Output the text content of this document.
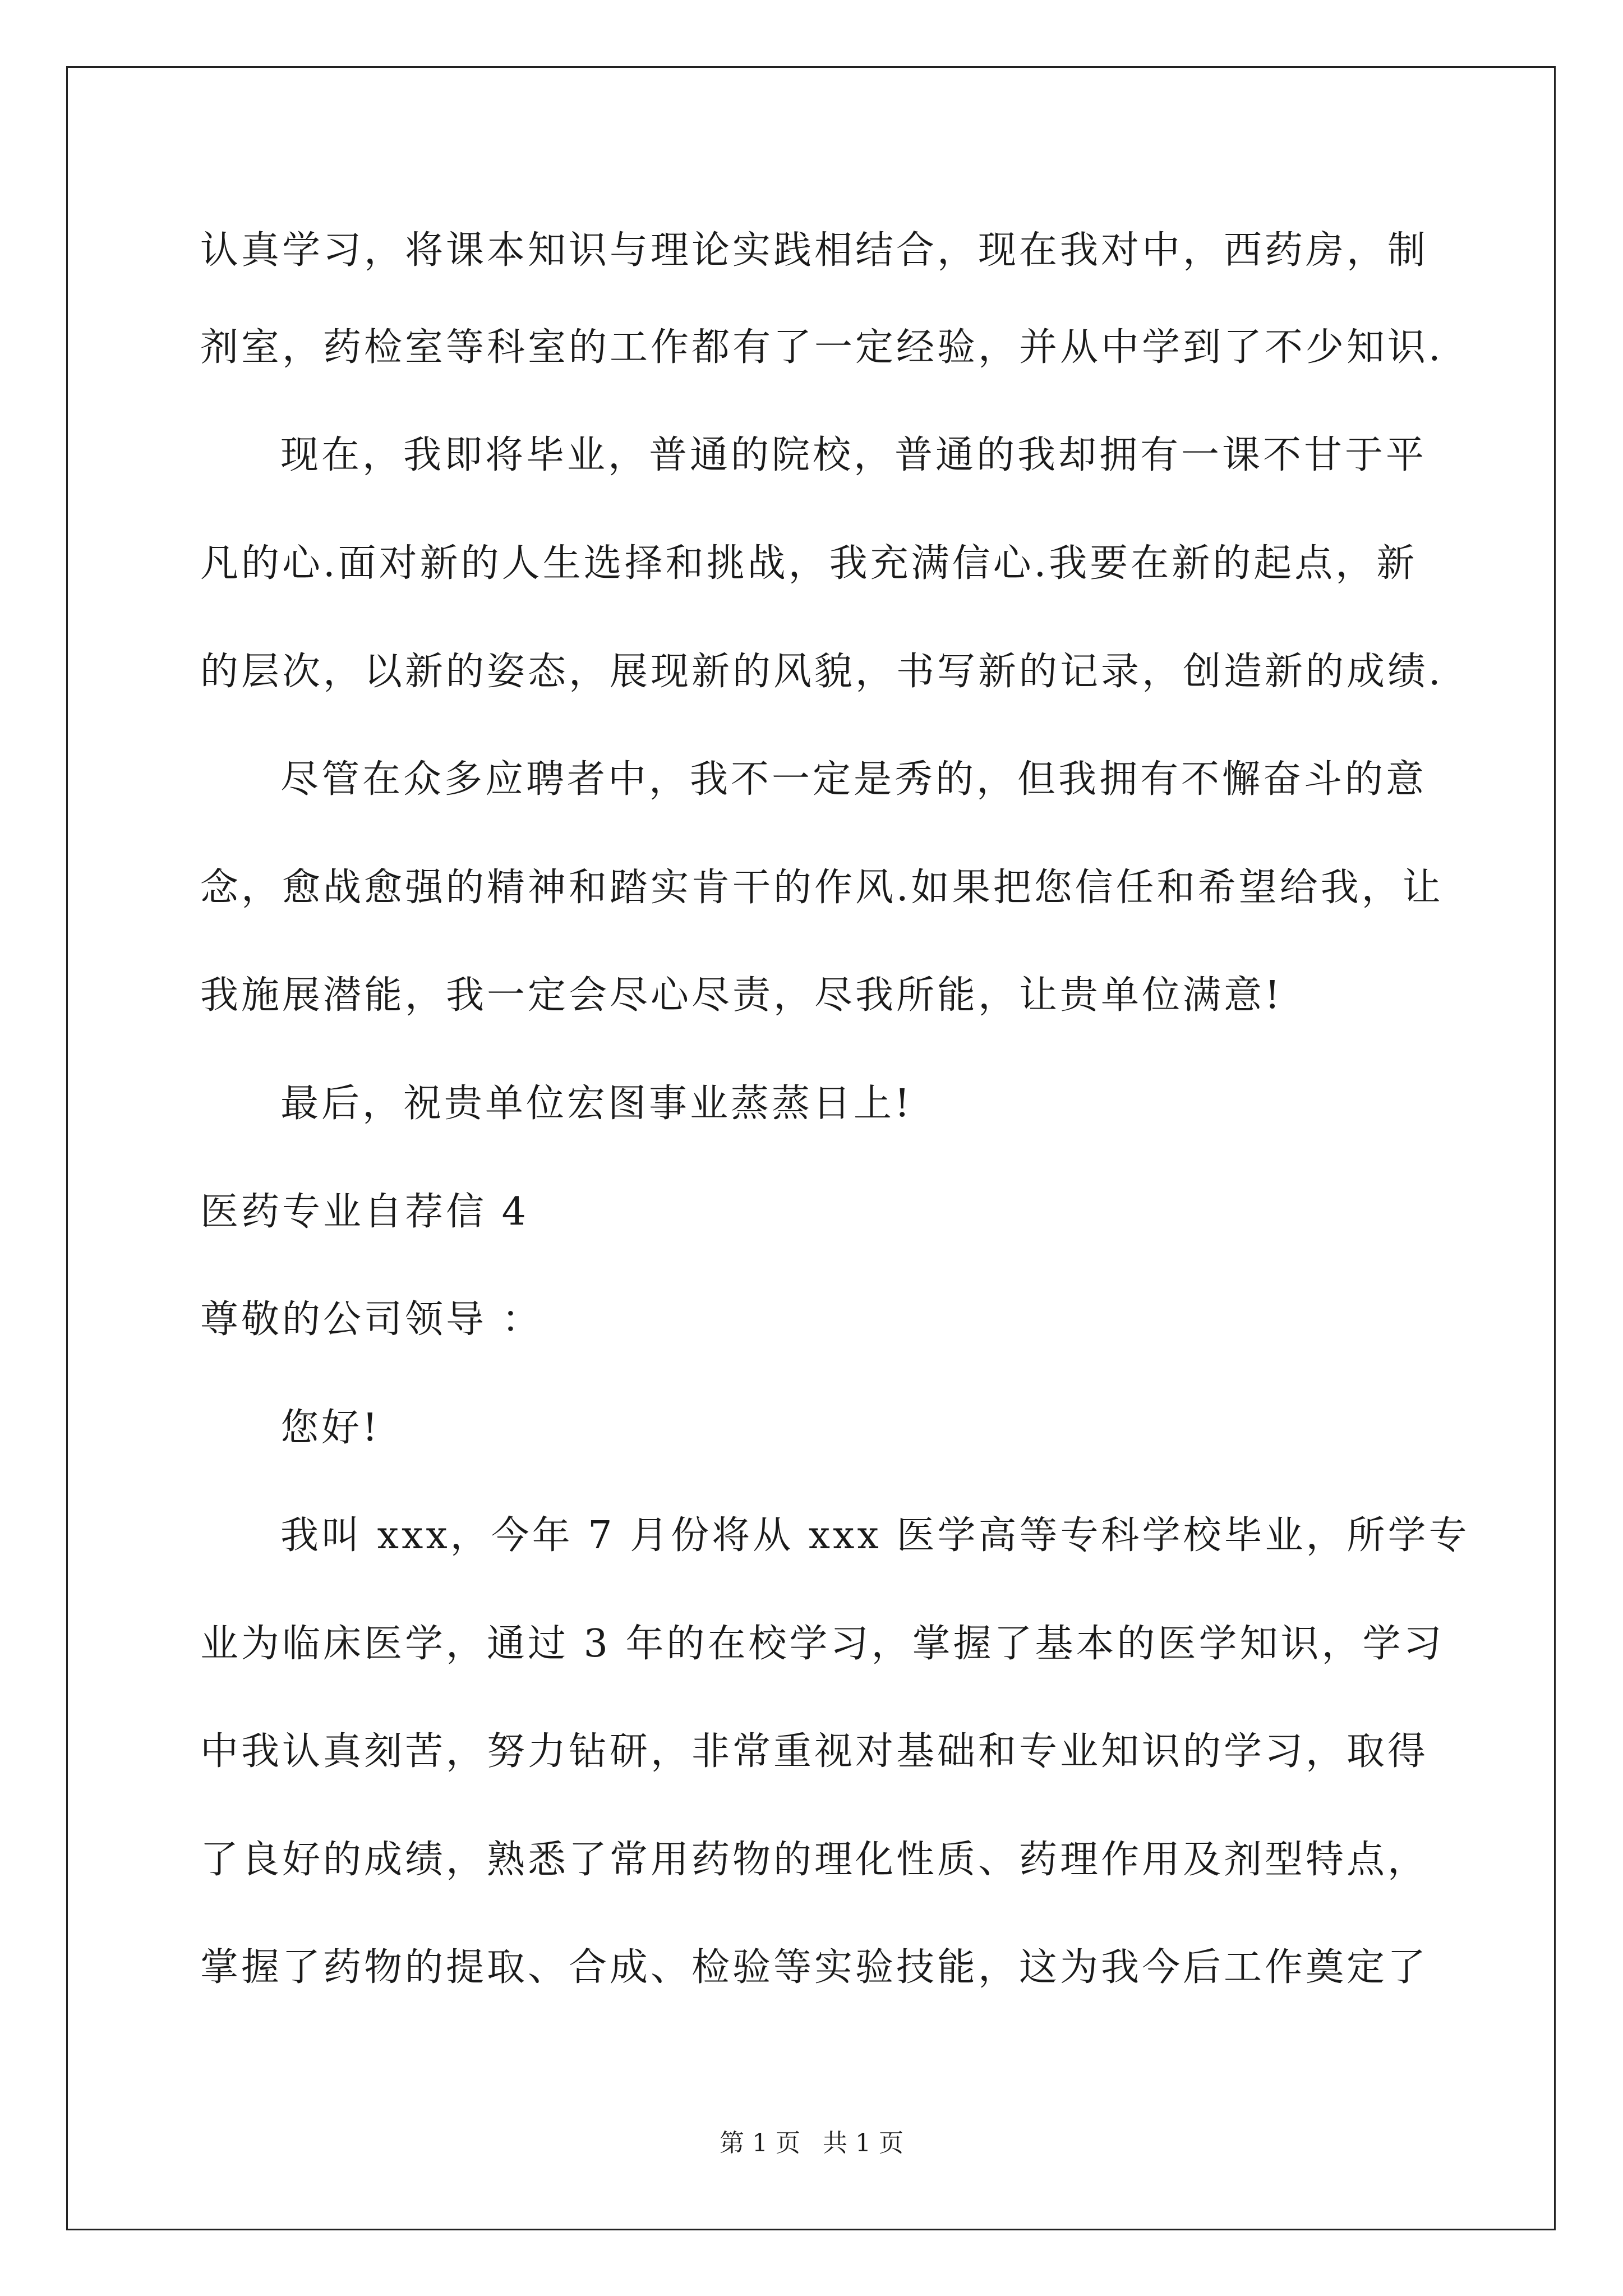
认真学习，将课本知识与理论实践相结合，现在我对中，西药房，制
剂室，药检室等科室的工作都有了一定经验，并从中学到了不少知识.
现在，我即将毕业，普通的院校，普通的我却拥有一课不甘于平
凡的心.面对新的人生选择和挑战，我充满信心.我要在新的起点，新
的层次，以新的姿态，展现新的风貌，书写新的记录，创造新的成绩.
尽管在众多应聘者中，我不一定是秀的，但我拥有不懈奋斗的意
念，愈战愈强的精神和踏实肯干的作风.如果把您信任和希望给我，让
我施展潜能，我一定会尽心尽责，尽我所能，让贵单位满意!
最后，祝贵单位宏图事业蒸蒸日上!
医药专业自荐信 4
尊敬的公司领导 ：
您好!
我叫 xxx，今年 7 月份将从 xxx 医学高等专科学校毕业，所学专
业为临床医学，通过 3 年的在校学习，掌握了基本的医学知识，学习
中我认真刻苦，努力钻研，非常重视对基础和专业知识的学习，取得
了良好的成绩，熟悉了常用药物的理化性质、药理作用及剂型特点，
掌握了药物的提取、合成、检验等实验技能，这为我今后工作奠定了
第 1 页 共 1 页
